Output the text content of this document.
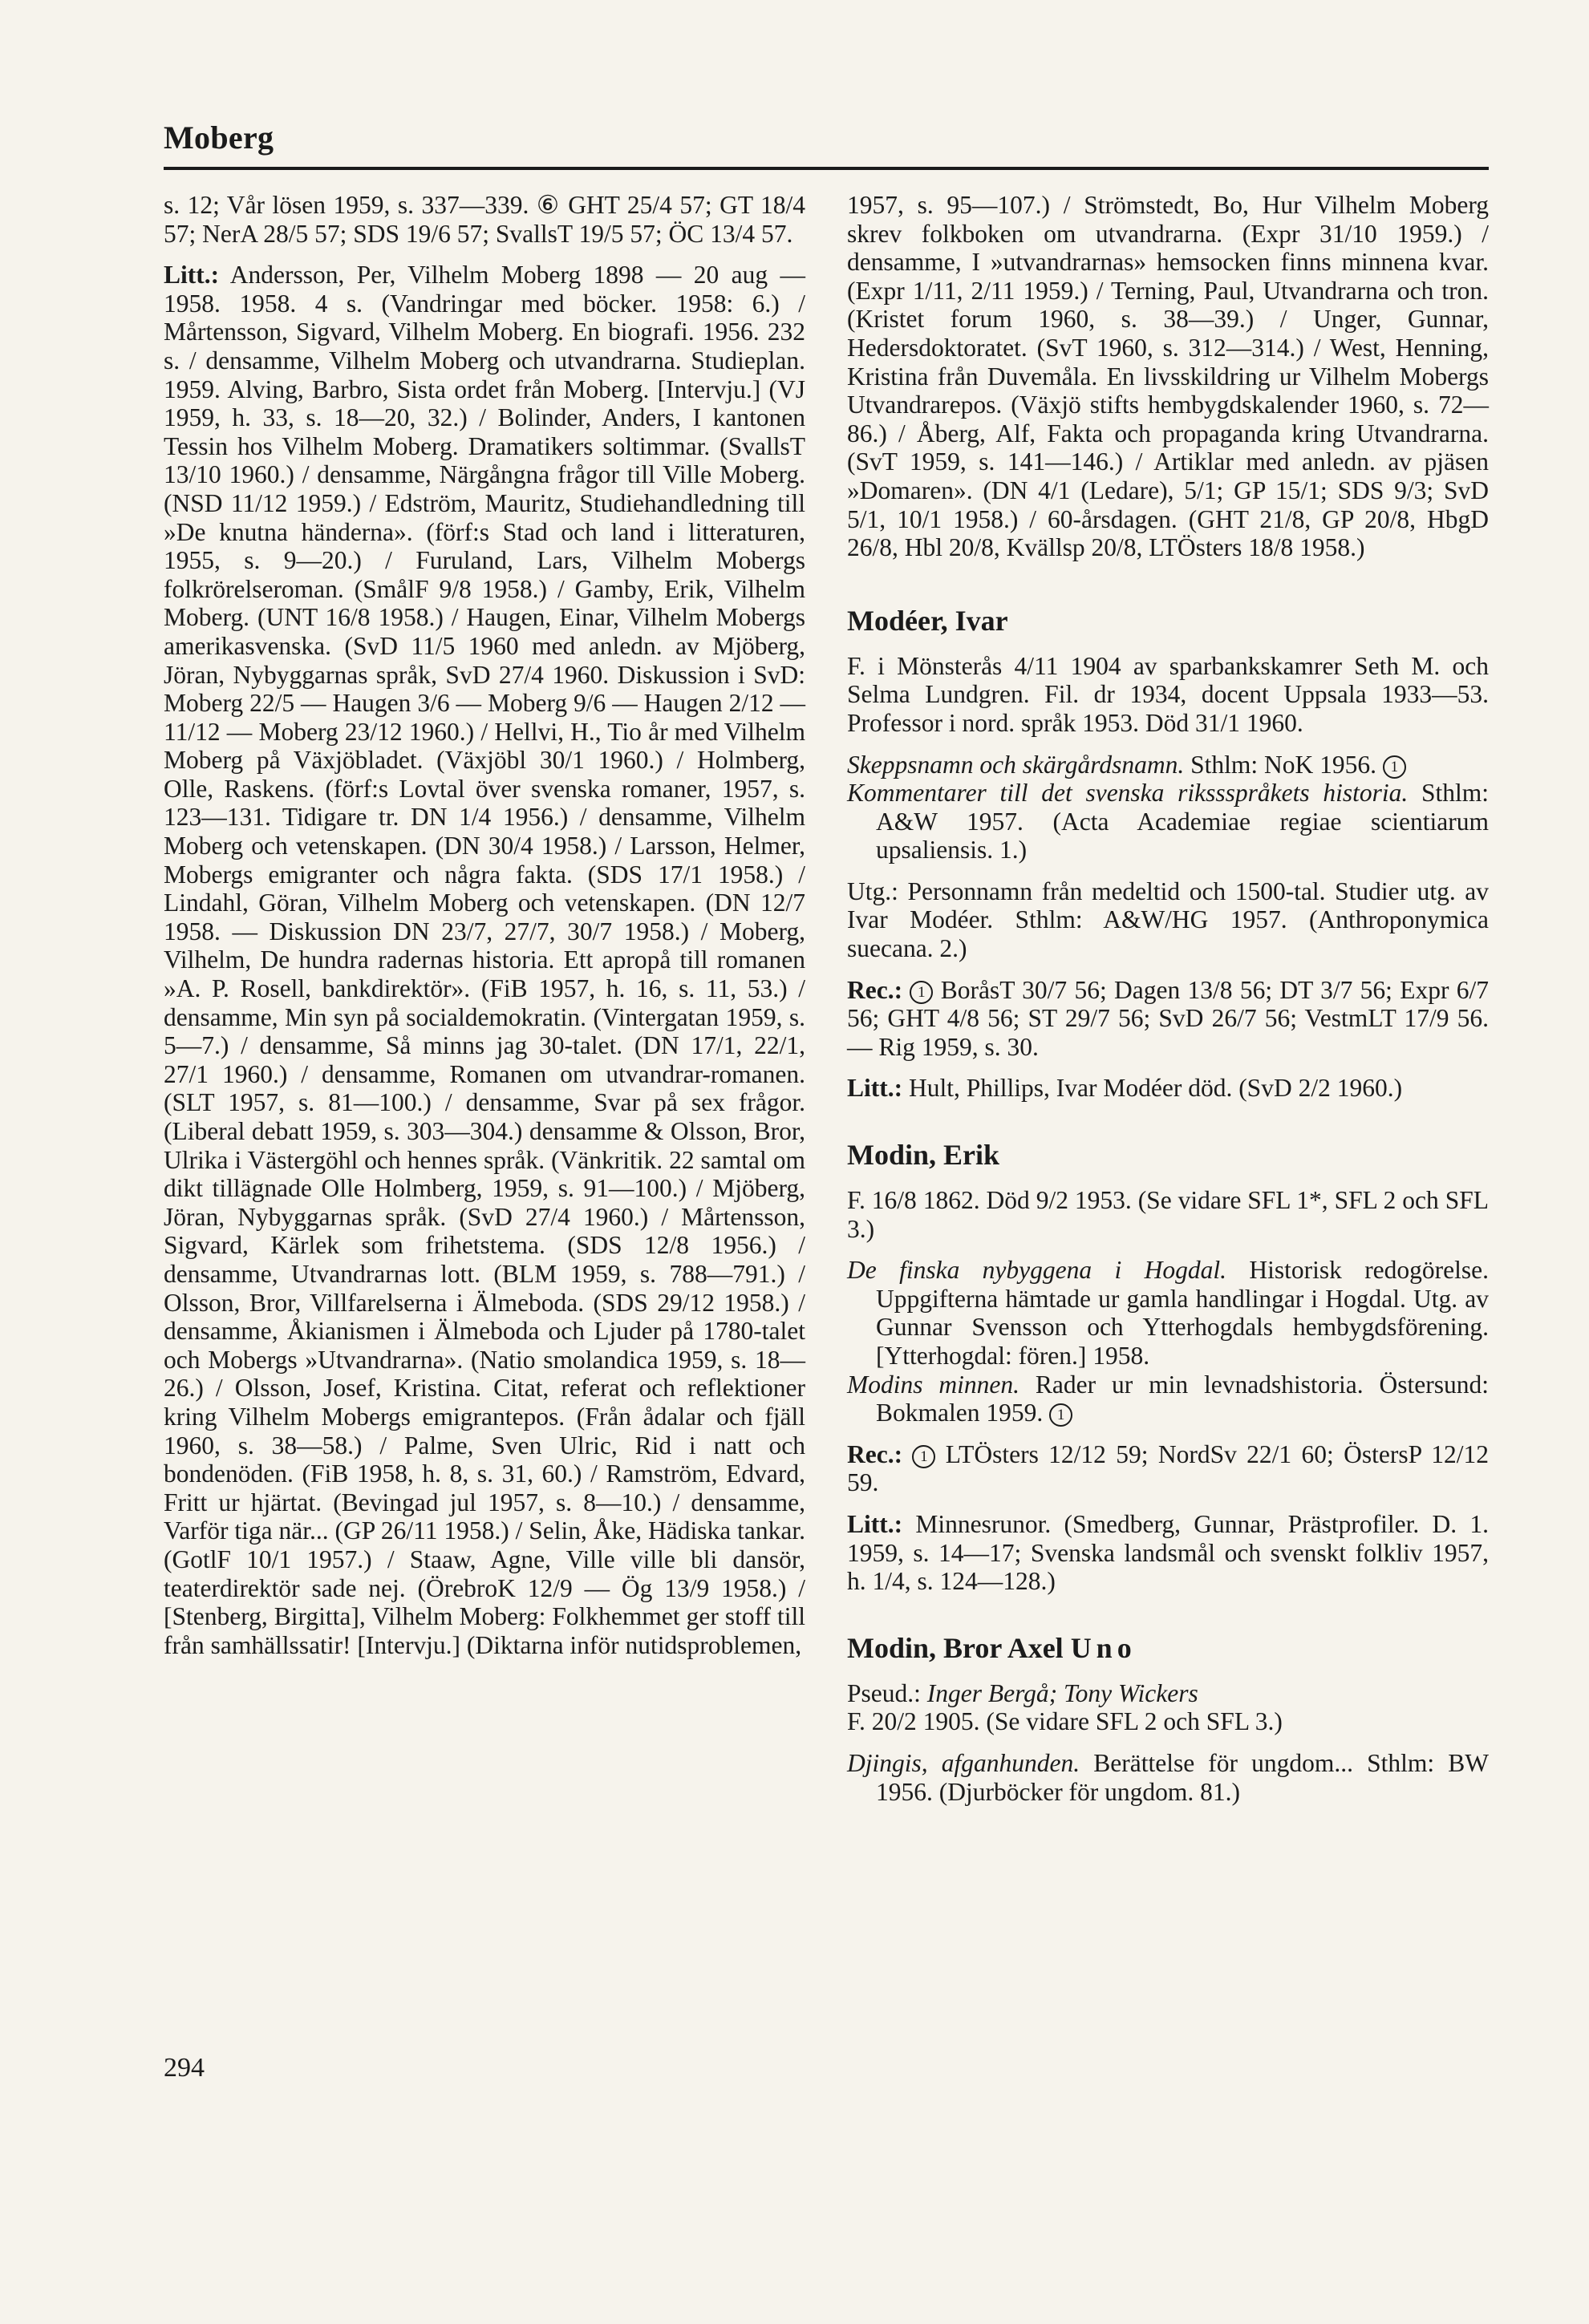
Moberg

s. 12; Vår lösen 1959, s. 337—339. ⑥ GHT 25/4 57; GT 18/4 57; NerA 28/5 57; SDS 19/6 57; SvallsT 19/5 57; ÖC 13/4 57.

Litt.: Andersson, Per, Vilhelm Moberg 1898 — 20 aug — 1958. 1958. 4 s. (Vandringar med böcker. 1958: 6.) / Mårtensson, Sigvard, Vilhelm Moberg. En biografi. 1956. 232 s. / densamme, Vilhelm Moberg och utvandrarna. Studieplan. 1959. Alving, Barbro, Sista ordet från Moberg. [Intervju.] (VJ 1959, h. 33, s. 18—20, 32.) / Bolinder, Anders, I kantonen Tessin hos Vilhelm Moberg. Dramatikers soltimmar. (SvallsT 13/10 1960.) / densamme, Närgångna frågor till Ville Moberg. (NSD 11/12 1959.) / Edström, Mauritz, Studiehandledning till »De knutna händerna». (förf:s Stad och land i litteraturen, 1955, s. 9—20.) / Furuland, Lars, Vilhelm Mobergs folkrörelseroman. (SmålF 9/8 1958.) / Gamby, Erik, Vilhelm Moberg. (UNT 16/8 1958.) / Haugen, Einar, Vilhelm Mobergs amerikasvenska. (SvD 11/5 1960 med anledn. av Mjöberg, Jöran, Nybyggarnas språk, SvD 27/4 1960. Diskussion i SvD: Moberg 22/5 — Haugen 3/6 — Moberg 9/6 — Haugen 2/12 — 11/12 — Moberg 23/12 1960.) / Hellvi, H., Tio år med Vilhelm Moberg på Växjöbladet. (Växjöbl 30/1 1960.) / Holmberg, Olle, Raskens. (förf:s Lovtal över svenska romaner, 1957, s. 123—131. Tidigare tr. DN 1/4 1956.) / densamme, Vilhelm Moberg och vetenskapen. (DN 30/4 1958.) / Larsson, Helmer, Mobergs emigranter och några fakta. (SDS 17/1 1958.) / Lindahl, Göran, Vilhelm Moberg och vetenskapen. (DN 12/7 1958. — Diskussion DN 23/7, 27/7, 30/7 1958.) / Moberg, Vilhelm, De hundra radernas historia. Ett apropå till romanen »A. P. Rosell, bankdirektör». (FiB 1957, h. 16, s. 11, 53.) / densamme, Min syn på socialdemokratin. (Vintergatan 1959, s. 5—7.) / densamme, Så minns jag 30-talet. (DN 17/1, 22/1, 27/1 1960.) / densamme, Romanen om utvandrar-romanen. (SLT 1957, s. 81—100.) / densamme, Svar på sex frågor. (Liberal debatt 1959, s. 303—304.) densamme & Olsson, Bror, Ulrika i Västergöhl och hennes språk. (Vänkritik. 22 samtal om dikt tillägnade Olle Holmberg, 1959, s. 91—100.) / Mjöberg, Jöran, Nybyggarnas språk. (SvD 27/4 1960.) / Mårtensson, Sigvard, Kärlek som frihetstema. (SDS 12/8 1956.) / densamme, Utvandrarnas lott. (BLM 1959, s. 788—791.) / Olsson, Bror, Villfarelserna i Älmeboda. (SDS 29/12 1958.) / densamme, Åkianismen i Älmeboda och Ljuder på 1780-talet och Mobergs »Utvandrarna». (Natio smolandica 1959, s. 18—26.) / Olsson, Josef, Kristina. Citat, referat och reflektioner kring Vilhelm Mobergs emigrantepos. (Från ådalar och fjäll 1960, s. 38—58.) / Palme, Sven Ulric, Rid i natt och bondenöden. (FiB 1958, h. 8, s. 31, 60.) / Ramström, Edvard, Fritt ur hjärtat. (Bevingad jul 1957, s. 8—10.) / densamme, Varför tiga när... (GP 26/11 1958.) / Selin, Åke, Hädiska tankar. (GotlF 10/1 1957.) / Staaw, Agne, Ville ville bli dansör, teaterdirektör sade nej. (ÖrebroK 12/9 — Ög 13/9 1958.) / [Stenberg, Birgitta], Vilhelm Moberg: Folkhemmet ger stoff till från samhällssatir! [Intervju.] (Diktarna inför nutidsproblemen,

1957, s. 95—107.) / Strömstedt, Bo, Hur Vilhelm Moberg skrev folkboken om utvandrarna. (Expr 31/10 1959.) / densamme, I »utvandrarnas» hemsocken finns minnena kvar. (Expr 1/11, 2/11 1959.) / Terning, Paul, Utvandrarna och tron. (Kristet forum 1960, s. 38—39.) / Unger, Gunnar, Hedersdoktoratet. (SvT 1960, s. 312—314.) / West, Henning, Kristina från Duvemåla. En livsskildring ur Vilhelm Mobergs Utvandrarepos. (Växjö stifts hembygdskalender 1960, s. 72—86.) / Åberg, Alf, Fakta och propaganda kring Utvandrarna. (SvT 1959, s. 141—146.) / Artiklar med anledn. av pjäsen »Domaren». (DN 4/1 (Ledare), 5/1; GP 15/1; SDS 9/3; SvD 5/1, 10/1 1958.) / 60-årsdagen. (GHT 21/8, GP 20/8, HbgD 26/8, Hbl 20/8, Kvällsp 20/8, LTÖsters 18/8 1958.)

Modéer, Ivar

F. i Mönsterås 4/11 1904 av sparbankskamrer Seth M. och Selma Lundgren. Fil. dr 1934, docent Uppsala 1933—53. Professor i nord. språk 1953. Död 31/1 1960.

Skeppsnamn och skärgårdsnamn. Sthlm: NoK 1956. 1

Kommentarer till det svenska rikssspråkets historia. Sthlm: A&W 1957. (Acta Academiae regiae scientiarum upsaliensis. 1.)

Utg.: Personnamn från medeltid och 1500-tal. Studier utg. av Ivar Modéer. Sthlm: A&W/HG 1957. (Anthroponymica suecana. 2.)

Rec.: 1 BoråsT 30/7 56; Dagen 13/8 56; DT 3/7 56; Expr 6/7 56; GHT 4/8 56; ST 29/7 56; SvD 26/7 56; VestmLT 17/9 56. — Rig 1959, s. 30.

Litt.: Hult, Phillips, Ivar Modéer död. (SvD 2/2 1960.)

Modin, Erik

F. 16/8 1862. Död 9/2 1953. (Se vidare SFL 1*, SFL 2 och SFL 3.)

De finska nybyggena i Hogdal. Historisk redogörelse. Uppgifterna hämtade ur gamla handlingar i Hogdal. Utg. av Gunnar Svensson och Ytterhogdals hembygdsförening. [Ytterhogdal: fören.] 1958.

Modins minnen. Rader ur min levnadshistoria. Östersund: Bokmalen 1959. 1

Rec.: 1 LTÖsters 12/12 59; NordSv 22/1 60; ÖstersP 12/12 59.

Litt.: Minnesrunor. (Smedberg, Gunnar, Prästprofiler. D. 1. 1959, s. 14—17; Svenska landsmål och svenskt folkliv 1957, h. 1/4, s. 124—128.)

Modin, Bror Axel Uno

Pseud.: Inger Bergå; Tony Wickers

F. 20/2 1905. (Se vidare SFL 2 och SFL 3.)

Djingis, afganhunden. Berättelse för ungdom... Sthlm: BW 1956. (Djurböcker för ungdom. 81.)

294
